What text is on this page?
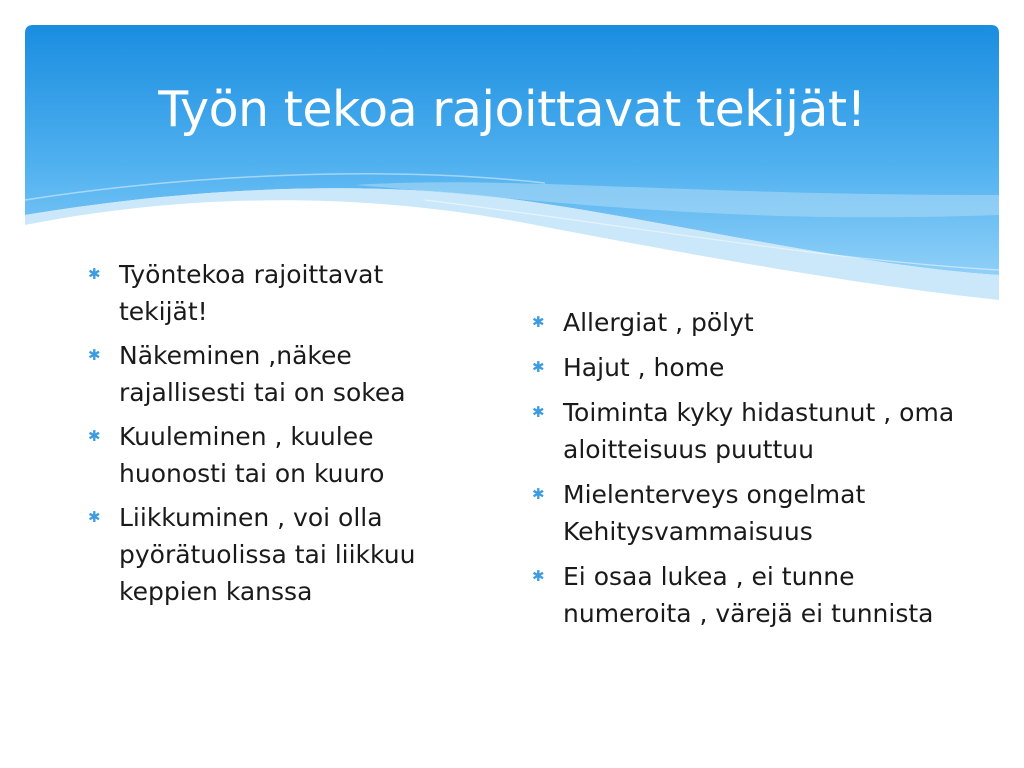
Työn tekoa rajoittavat tekijät!
✱ Työntekoa rajoittavat tekijät!
✱ Näkeminen ,näkee rajallisesti tai on sokea
✱ Kuuleminen , kuulee huonosti tai on kuuro
✱ Liikkuminen , voi olla pyörätuolissa tai liikkuu keppien kanssa
✱ Allergiat , pölyt
✱ Hajut , home
✱ Toiminta kyky hidastunut , oma aloitteisuus puuttuu
✱ Mielenterveys ongelmat Kehitysvammaisuus
✱ Ei osaa lukea , ei tunne numeroita , värejä ei tunnista
